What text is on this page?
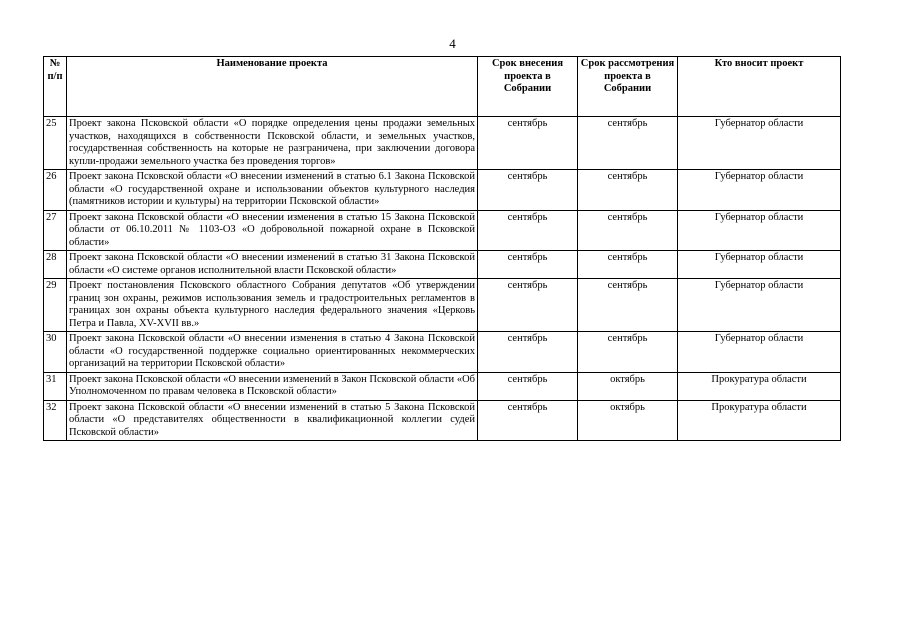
4
№ п/п	Наименование проекта	Срок внесения проекта в Собрании	Срок рассмотрения проекта в Собрании	Кто вносит проект
25	Проект закона Псковской области «О порядке определения цены продажи земельных участков, находящихся в собственности Псковской области, и земельных участков, государственная собственность на которые не разграничена, при заключении договора купли-продажи земельного участка без проведения торгов»	сентябрь	сентябрь	Губернатор области
26	Проект закона Псковской области «О внесении изменений в статью 6.1 Закона Псковской области «О государственной охране и использовании объектов культурного наследия (памятников истории и культуры) на территории Псковской области»	сентябрь	сентябрь	Губернатор области
27	Проект закона Псковской области «О внесении изменения в статью 15 Закона Псковской области от 06.10.2011 № 1103-ОЗ «О добровольной пожарной охране в Псковской области»	сентябрь	сентябрь	Губернатор области
28	Проект закона Псковской области «О внесении изменений в статью 31 Закона Псковской области «О системе органов исполнительной власти Псковской области»	сентябрь	сентябрь	Губернатор области
29	Проект постановления Псковского областного Собрания депутатов «Об утверждении границ зон охраны, режимов использования земель и градостроительных регламентов в границах зон охраны объекта культурного наследия федерального значения «Церковь Петра и Павла, XV-XVII вв.»	сентябрь	сентябрь	Губернатор области
30	Проект закона Псковской области «О внесении изменения в статью 4 Закона Псковской области «О государственной поддержке социально ориентированных некоммерческих организаций на территории Псковской области»	сентябрь	сентябрь	Губернатор области
31	Проект закона Псковской области «О внесении изменений в Закон Псковской области «Об Уполномоченном по правам человека в Псковской области»	сентябрь	октябрь	Прокуратура области
32	Проект закона Псковской области «О внесении изменений в статью 5 Закона Псковской области «О представителях общественности в квалификационной коллегии судей Псковской области»	сентябрь	октябрь	Прокуратура области
